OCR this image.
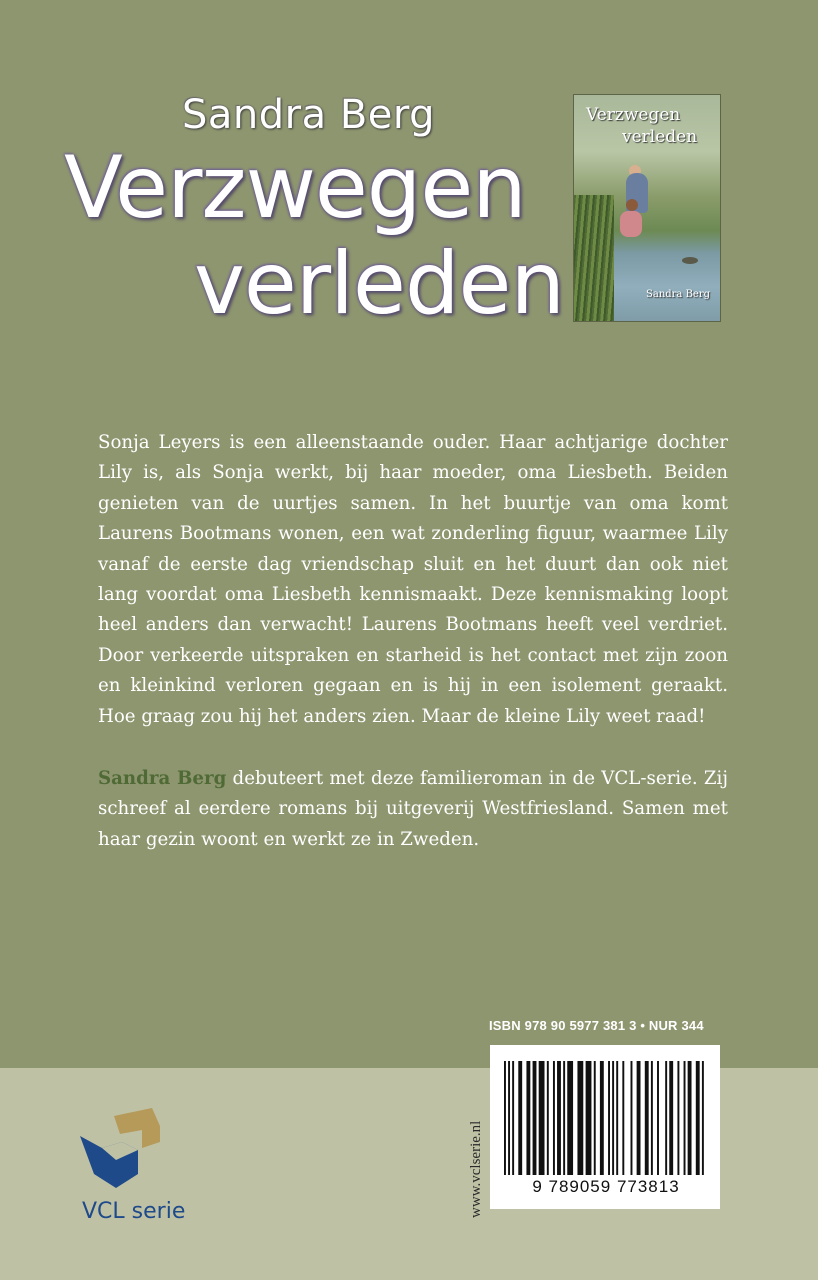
Sandra Berg
Verzwegen
verleden
Verzwegen
verleden
Sandra Berg

Sonja Leyers is een alleenstaande ouder. Haar achtjarige dochter Lily is, als Sonja werkt, bij haar moeder, oma Liesbeth. Beiden genieten van de uurtjes samen. In het buurtje van oma komt Laurens Bootmans wonen, een wat zonderling figuur, waarmee Lily vanaf de eerste dag vriendschap sluit en het duurt dan ook niet lang voordat oma Liesbeth kennismaakt. Deze kennismaking loopt heel anders dan verwacht! Laurens Bootmans heeft veel verdriet. Door verkeerde uitspraken en starheid is het contact met zijn zoon en kleinkind verloren gegaan en is hij in een isolement geraakt. Hoe graag zou hij het anders zien. Maar de kleine Lily weet raad!

Sandra Berg debuteert met deze familieroman in de VCL-serie. Zij schreef al eerdere romans bij uitgeverij Westfriesland. Samen met haar gezin woont en werkt ze in Zweden.

ISBN 978 90 5977 381 3 • NUR 344
9 789059 773813
www.vclserie.nl
VCL serie
